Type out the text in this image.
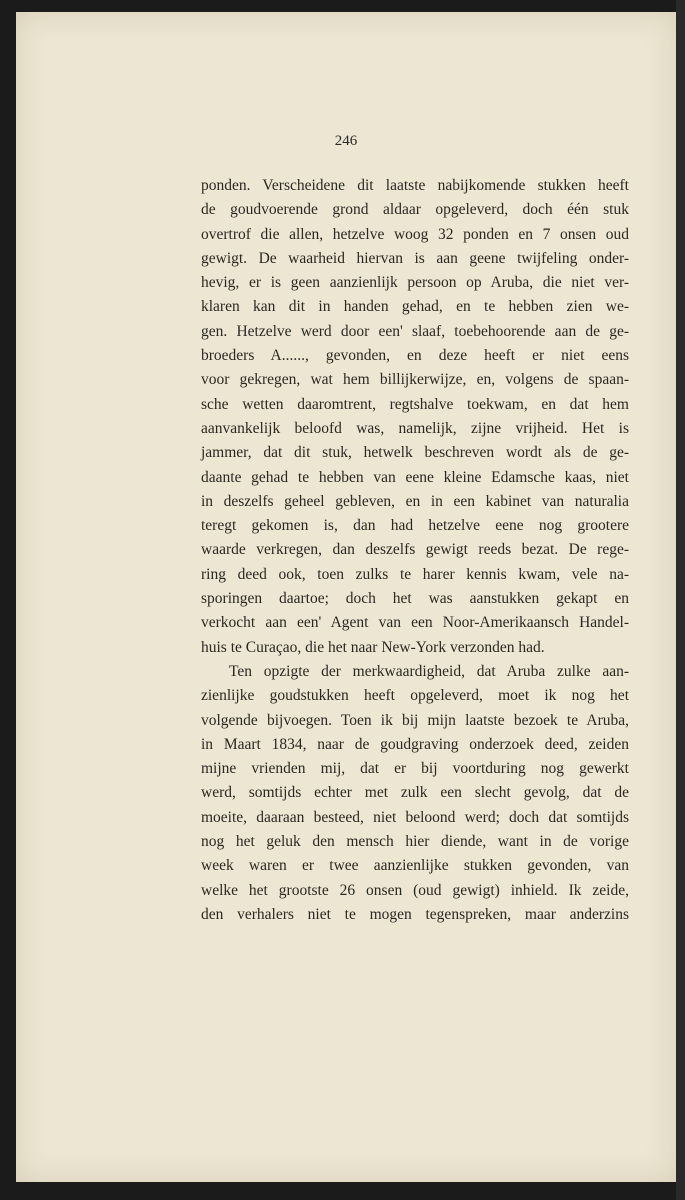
246
ponden. Verscheidene dit laatste nabijkomende stukken heeft
de goudvoerende grond aldaar opgeleverd, doch één stuk
overtrof die allen, hetzelve woog 32 ponden en 7 onsen oud
gewigt. De waarheid hiervan is aan geene twijfeling onder-
hevig, er is geen aanzienlijk persoon op Aruba, die niet ver-
klaren kan dit in handen gehad, en te hebben zien we-
gen. Hetzelve werd door een' slaaf, toebehoorende aan de ge-
broeders A......, gevonden, en deze heeft er niet eens
voor gekregen, wat hem billijkerwijze, en, volgens de spaan-
sche wetten daaromtrent, regtshalve toekwam, en dat hem
aanvankelijk beloofd was, namelijk, zijne vrijheid. Het is
jammer, dat dit stuk, hetwelk beschreven wordt als de ge-
daante gehad te hebben van eene kleine Edamsche kaas, niet
in deszelfs geheel gebleven, en in een kabinet van naturalia
teregt gekomen is, dan had hetzelve eene nog grootere
waarde verkregen, dan deszelfs gewigt reeds bezat. De rege-
ring deed ook, toen zulks te harer kennis kwam, vele na-
sporingen daartoe; doch het was aanstukken gekapt en
verkocht aan een' Agent van een Noor-Amerikaansch Handel-
huis te Curaçao, die het naar New-York verzonden had.
Ten opzigte der merkwaardigheid, dat Aruba zulke aan-
zienlijke goudstukken heeft opgeleverd, moet ik nog het
volgende bijvoegen. Toen ik bij mijn laatste bezoek te Aruba,
in Maart 1834, naar de goudgraving onderzoek deed, zeiden
mijne vrienden mij, dat er bij voortduring nog gewerkt
werd, somtijds echter met zulk een slecht gevolg, dat de
moeite, daaraan besteed, niet beloond werd; doch dat somtijds
nog het geluk den mensch hier diende, want in de vorige
week waren er twee aanzienlijke stukken gevonden, van
welke het grootste 26 onsen (oud gewigt) inhield. Ik zeide,
den verhalers niet te mogen tegenspreken, maar anderzins
